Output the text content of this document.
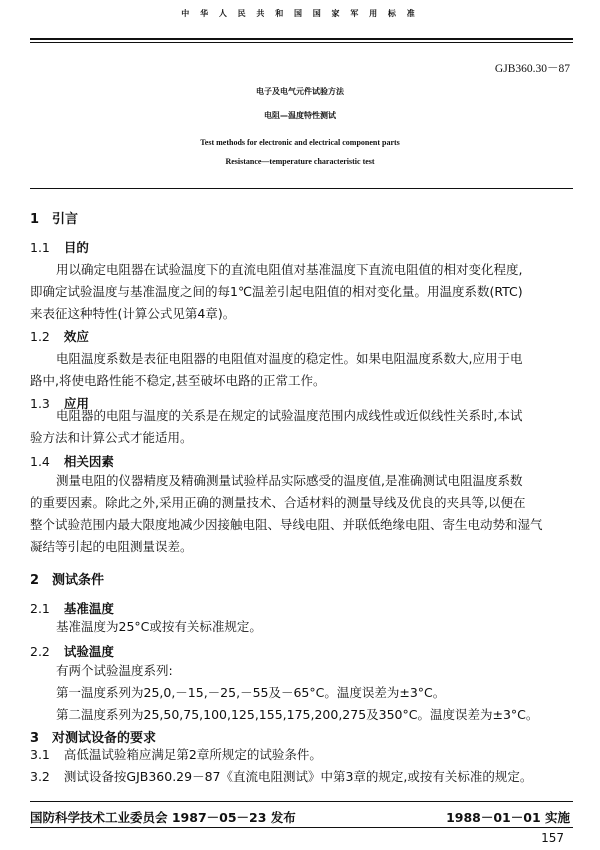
中 华 人 民 共 和 国 国 家 军 用 标 准
GJB360.30－87
电子及电气元件试验方法
电阻—温度特性测试
Test methods for electronic and electrical component parts
Resistance—temperature characteristic test
1　引言
1.1 目的
用以确定电阻器在试验温度下的直流电阻值对基准温度下直流电阻值的相对变化程度,
即确定试验温度与基准温度之间的每1℃温差引起电阻值的相对变化量。用温度系数(RTC)
来表征这种特性(计算公式见第4章)。
1.2 效应
电阻温度系数是表征电阻器的电阻值对温度的稳定性。如果电阻温度系数大,应用于电
路中,将使电路性能不稳定,甚至破坏电路的正常工作。
1.3 应用
电阻器的电阻与温度的关系是在规定的试验温度范围内成线性或近似线性关系时,本试
验方法和计算公式才能适用。
1.4 相关因素
测量电阻的仪器精度及精确测量试验样品实际感受的温度值,是准确测试电阻温度系数
的重要因素。除此之外,采用正确的测量技术、合适材料的测量导线及优良的夹具等,以便在
整个试验范围内最大限度地减少因接触电阻、导线电阻、并联低绝缘电阻、寄生电动势和湿气
凝结等引起的电阻测量误差。
2　测试条件
2.1 基准温度
基准温度为25°C或按有关标准规定。
2.2 试验温度
有两个试验温度系列:
第一温度系列为25,0,－15,－25,－55及－65°C。温度误差为±3°C。
第二温度系列为25,50,75,100,125,155,175,200,275及350°C。温度误差为±3°C。
3　对测试设备的要求
3.1 高低温试验箱应满足第2章所规定的试验条件。
3.2 测试设备按GJB360.29－87《直流电阻测试》中第3章的规定,或按有关标准的规定。
国防科学技术工业委员会 1987－05－23 发布	1988－01－01 实施
157
